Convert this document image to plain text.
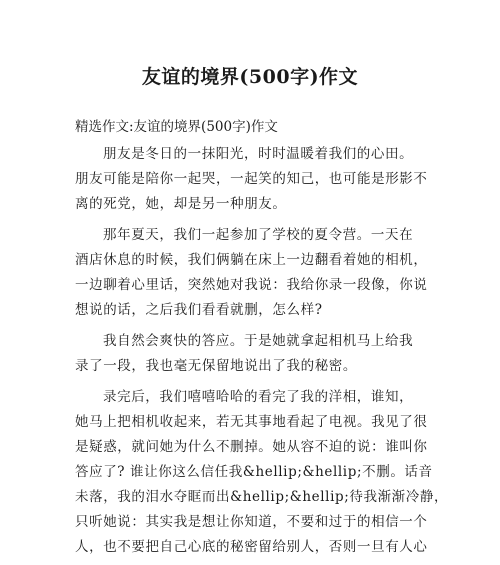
友谊的境界(500字)作文
精选作文:友谊的境界(500字)作文
朋友是冬日的一抹阳光，时时温暖着我们的心田。
朋友可能是陪你一起哭，一起笑的知己，也可能是形影不
离的死党，她，却是另一种朋友。
那年夏天，我们一起参加了学校的夏令营。一天在
酒店休息的时候，我们俩躺在床上一边翻看着她的相机，
一边聊着心里话，突然她对我说：我给你录一段像，你说
想说的话，之后我们看看就删，怎么样?
我自然会爽快的答应。于是她就拿起相机马上给我
录了一段，我也毫无保留地说出了我的秘密。
录完后，我们嘻嘻哈哈的看完了我的洋相，谁知，
她马上把相机收起来，若无其事地看起了电视。我见了很
是疑惑，就问她为什么不删掉。她从容不迫的说：谁叫你
答应了? 谁让你这么信任我&hellip;&hellip;不删。话音
未落，我的泪水夺眶而出&hellip;&hellip;待我渐渐冷静，
只听她说：其实我是想让你知道，不要和过于的相信一个
人，也不要把自己心底的秘密留给别人，否则一旦有人心
